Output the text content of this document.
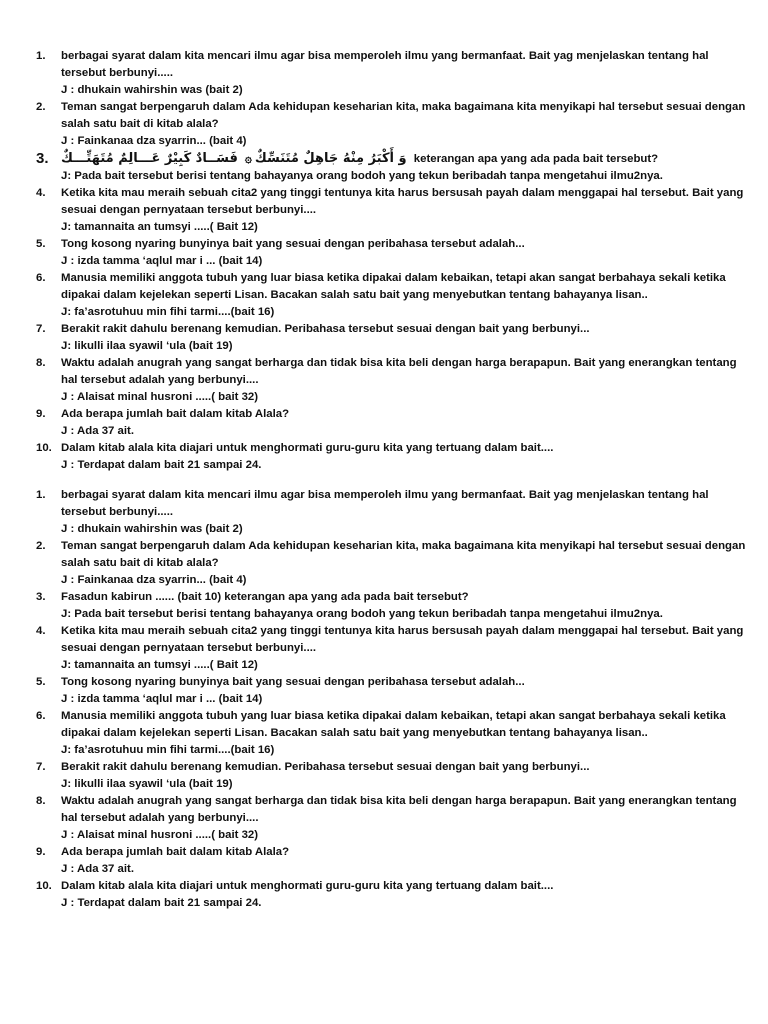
1.	berbagai syarat dalam kita mencari ilmu agar bisa memperoleh ilmu yang bermanfaat. Bait yag menjelaskan tentang hal tersebut berbunyi.....
J : dhukain wahirshin was (bait 2)
2.	Teman sangat berpengaruh dalam Ada kehidupan keseharian kita, maka bagaimana kita menyikapi hal tersebut sesuai dengan salah satu bait di kitab alala?
J : Fainkanaa dza syarrin... (bait 4)
3. فَسَــادٌ كَبِيْرٌ عَـــالِمٌ مُتَهَتِّـــكٌ ۞ وَ أَكْبَرُ مِنْهُ جَاهِلٌ مُتَنَسِّكٌ keterangan apa yang ada pada bait tersebut?
J: Pada bait tersebut berisi tentang bahayanya orang bodoh yang tekun beribadah tanpa mengetahui ilmu2nya.
4.	Ketika kita mau meraih sebuah cita2 yang tinggi tentunya kita harus bersusah payah dalam menggapai hal tersebut. Bait yang sesuai dengan pernyataan tersebut berbunyi....
J: tamannaita an tumsyi .....( Bait 12)
5.	Tong kosong nyaring bunyinya bait yang sesuai dengan peribahasa tersebut adalah...
J : izda tamma ‘aqlul mar i ... (bait 14)
6.	Manusia memiliki anggota tubuh yang luar biasa ketika dipakai dalam kebaikan, tetapi akan sangat berbahaya sekali ketika dipakai dalam kejelekan seperti Lisan. Bacakan salah satu bait yang menyebutkan tentang bahayanya lisan..
J: fa’asrotuhuu min fihi tarmi....(bait 16)
7.	Berakit rakit dahulu berenang kemudian. Peribahasa tersebut sesuai dengan bait yang berbunyi...
J: likulli ilaa syawil ‘ula (bait 19)
8.	Waktu adalah anugrah yang sangat berharga dan tidak bisa kita beli dengan harga berapapun. Bait yang enerangkan tentang hal tersebut adalah yang berbunyi....
J : Alaisat minal husroni .....( bait 32)
9.	Ada berapa jumlah bait dalam kitab Alala?
J : Ada 37 ait.
10. Dalam kitab alala kita diajari untuk menghormati guru-guru kita yang tertuang dalam bait....
J : Terdapat dalam bait 21 sampai 24.
1.	berbagai syarat dalam kita mencari ilmu agar bisa memperoleh ilmu yang bermanfaat. Bait yag menjelaskan tentang hal tersebut berbunyi.....
J : dhukain wahirshin was (bait 2)
2.	Teman sangat berpengaruh dalam Ada kehidupan keseharian kita, maka bagaimana kita menyikapi hal tersebut sesuai dengan salah satu bait di kitab alala?
J : Fainkanaa dza syarrin... (bait 4)
3.	Fasadun kabirun ...... (bait 10) keterangan apa yang ada pada bait tersebut?
J: Pada bait tersebut berisi tentang bahayanya orang bodoh yang tekun beribadah tanpa mengetahui ilmu2nya.
4.	Ketika kita mau meraih sebuah cita2 yang tinggi tentunya kita harus bersusah payah dalam menggapai hal tersebut. Bait yang sesuai dengan pernyataan tersebut berbunyi....
J: tamannaita an tumsyi .....( Bait 12)
5.	Tong kosong nyaring bunyinya bait yang sesuai dengan peribahasa tersebut adalah...
J : izda tamma ‘aqlul mar i ... (bait 14)
6.	Manusia memiliki anggota tubuh yang luar biasa ketika dipakai dalam kebaikan, tetapi akan sangat berbahaya sekali ketika dipakai dalam kejelekan seperti Lisan. Bacakan salah satu bait yang menyebutkan tentang bahayanya lisan..
J: fa’asrotuhuu min fihi tarmi....(bait 16)
7.	Berakit rakit dahulu berenang kemudian. Peribahasa tersebut sesuai dengan bait yang berbunyi...
J: likulli ilaa syawil ‘ula (bait 19)
8.	Waktu adalah anugrah yang sangat berharga dan tidak bisa kita beli dengan harga berapapun. Bait yang enerangkan tentang hal tersebut adalah yang berbunyi....
J : Alaisat minal husroni .....( bait 32)
9.	Ada berapa jumlah bait dalam kitab Alala?
J : Ada 37 ait.
10. Dalam kitab alala kita diajari untuk menghormati guru-guru kita yang tertuang dalam bait....
J : Terdapat dalam bait 21 sampai 24.
